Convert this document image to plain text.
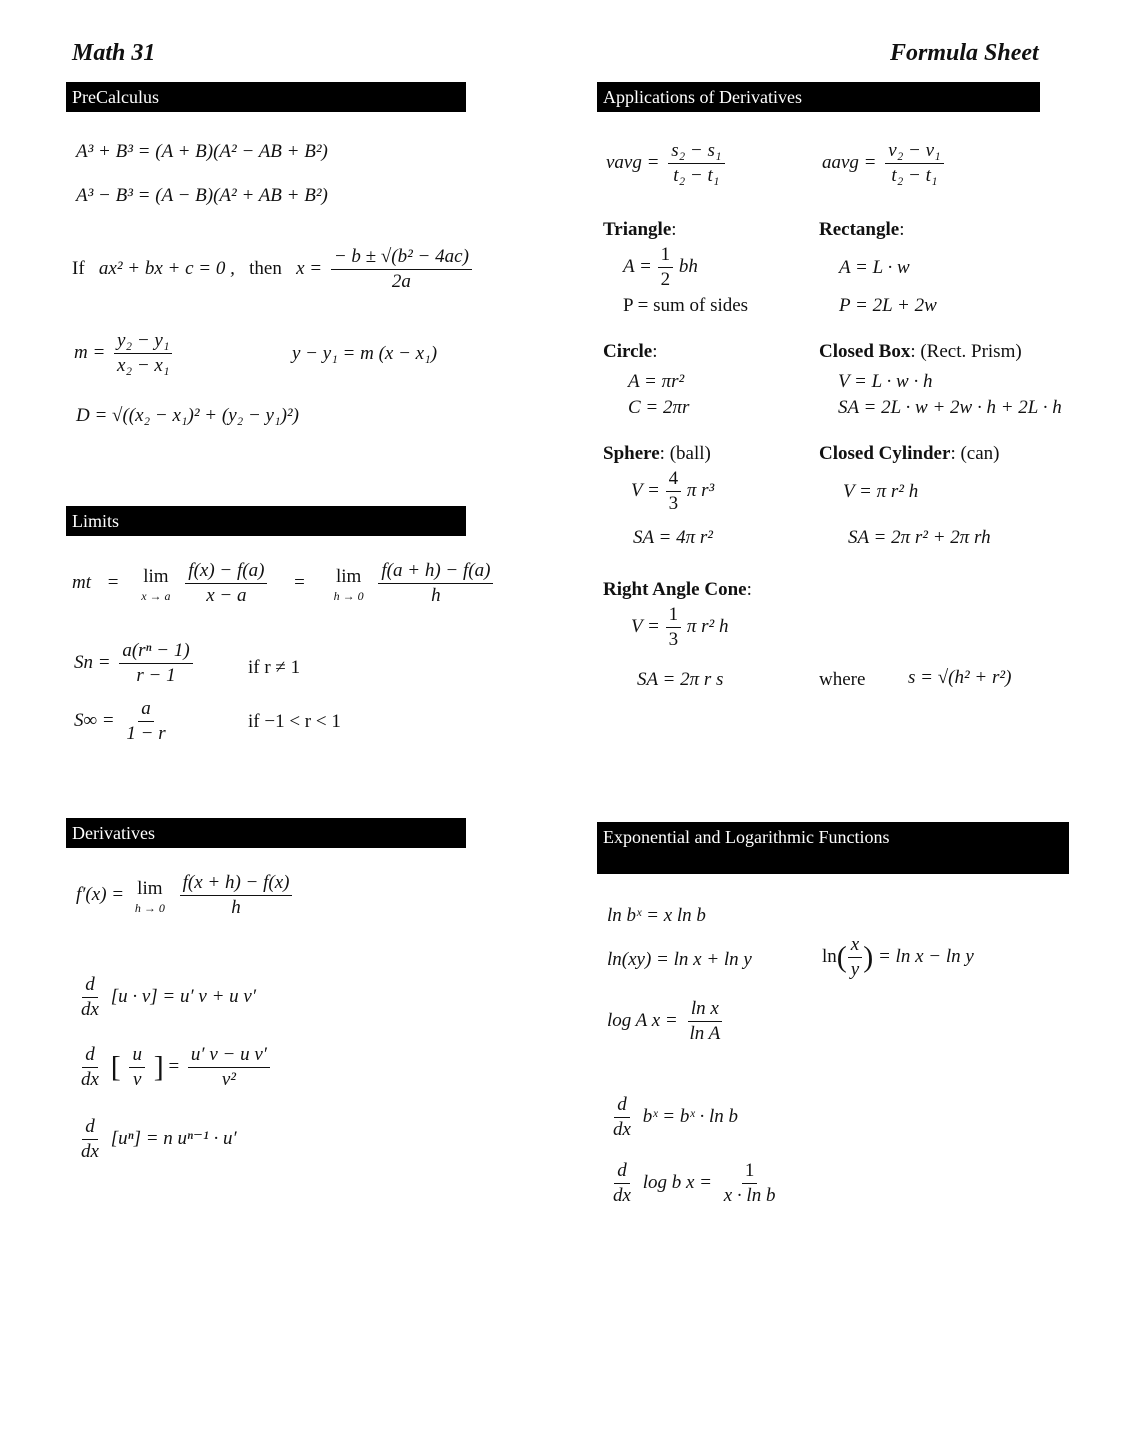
Math 31	Formula Sheet
PreCalculus
Limits
Derivatives
Applications of Derivatives
Exponential and Logarithmic Functions
A³ + B³ = (A + B)(A² − AB + B²)
A³ − B³ = (A − B)(A² + AB + B²)
If ax² + bx + c = 0 , then $x = \frac{\text{− b ± √(b² − 4ac)}}{2a}$
$m = \frac{\text{y₂ − y₁}}{\text{x₂ − x₁}}$	y − y₁ = m (x − x₁)
D = √((x₂ − x₁)² + (y₂ − y₁)²)
mt = lim
x → a
$\frac{f(x) - f(a)}{x - a} = \lim$
h → 0
$\frac{f(a + h) - f(a)}{h}$
$Sn = \frac{\text{a(rⁿ − 1)}}{r - 1}$	if r ≠ 1
$S\infty = \frac{a}{1 - r}$	if −1 < r < 1
f′(x) = lim
h → 0
$\frac{f(x + h) - f(x)}{h}$
$\frac{d}{dx} [u \cdot v] = u'$ v + u v′
$\frac{d}{dx}$ [ $\frac{u}{v}$ ] = $\frac{\text{u′ v − u v′}}{\text{v²}}$
$\frac{d}{dx} [u^n] = n$ uⁿ⁻¹ · u′
vavg = $\frac{\text{s₂ − s₁}}{\text{t₂ − t₁}}$	aavg = $\frac{\text{v₂ − v₁}}{\text{t₂ − t₁}}$
Triangle:
$A = \frac{1}{2}$ bh
P = sum of sides
Rectangle:
A = L · w
P = 2L + 2w
Circle:
A = πr²
C = 2πr
Closed Box: (Rect. Prism)
V = L · w · h
SA = 2L · w + 2w · h + 2L · h
Sphere: (ball)
$V = \frac{4}{3}$ π r³
SA = 4π r²
Closed Cylinder: (can)
V = π r² h
SA = 2π r² + 2π rh
Right Angle Cone:
$V = \frac{1}{3}$ π r² h
SA = 2π r s	where s = √(h² + r²)
ln bˣ = x ln b
ln(xy) = ln x + ln y	$\ln( \frac{x}{y}$ ) = ln x − ln y
log A $x = \frac{\text{ln x}}{\text{ln A}}$
$\frac{d}{dx}$ bˣ = bˣ · ln b
$\frac{d}{dx}$ log b $x = \frac{1}{\text{x · ln b}}$
